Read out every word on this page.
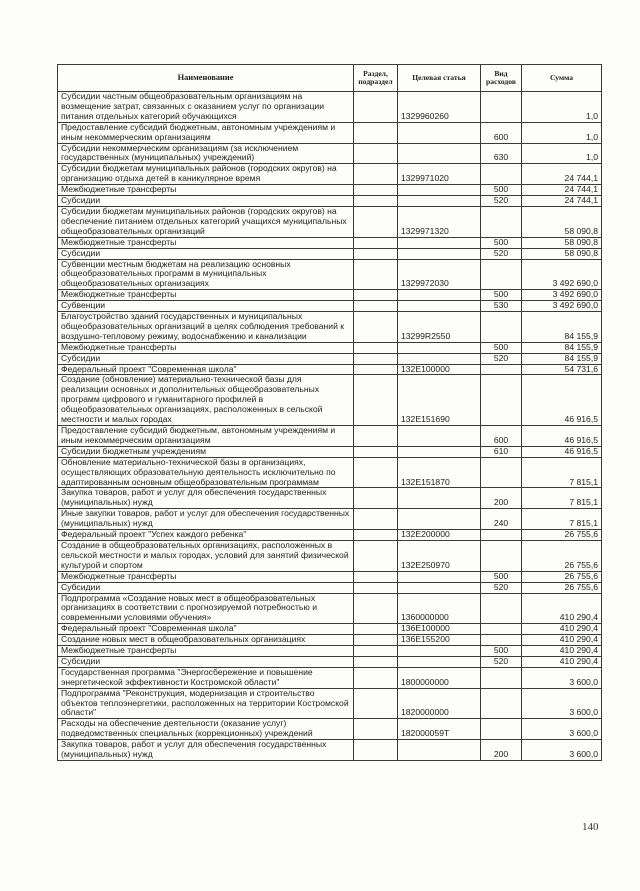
Наименование	Раздел, подраздел	Целевая статья	Вид расходов	Сумма
Субсидии частным общеобразовательным организациям на возмещение затрат, связанных с оказанием услуг по организации питания отдельных категорий обучающихся		1329960260		1,0
Предоставление субсидий бюджетным, автономным учреждениям и иным некоммерческим организациям			600	1,0
Субсидии некоммерческим организациям (за исключением государственных (муниципальных) учреждений)			630	1,0
Субсидии бюджетам муниципальных районов (городских округов) на организацию отдыха детей в каникулярное время		1329971020		24 744,1
Межбюджетные трансферты			500	24 744,1
Субсидии			520	24 744,1
Субсидии бюджетам муниципальных районов (городских округов) на обеспечение питанием отдельных категорий учащихся муниципальных общеобразовательных организаций		1329971320		58 090,8
Межбюджетные трансферты			500	58 090,8
Субсидии			520	58 090,8
Субвенции местным бюджетам на реализацию основных общеобразовательных программ в муниципальных общеобразовательных организациях		1329972030		3 492 690,0
Межбюджетные трансферты			500	3 492 690,0
Субвенции			530	3 492 690,0
Благоустройство зданий государственных и муниципальных общеобразовательных организаций в целях соблюдения требований к воздушно-тепловому режиму, водоснабжению и канализации		13299R2550		84 155,9
Межбюджетные трансферты			500	84 155,9
Субсидии			520	84 155,9
Федеральный проект "Современная школа"		132E100000		54 731,6
Создание (обновление) материально-технической базы для реализации основных и дополнительных общеобразовательных программ цифрового и гуманитарного профилей в общеобразовательных организациях, расположенных в сельской местности и малых городах		132E151690		46 916,5
Предоставление субсидий бюджетным, автономным учреждениям и иным некоммерческим организациям			600	46 916,5
Субсидии бюджетным учреждениям			610	46 916,5
Обновление материально-технической базы в организациях, осуществляющих образовательную деятельность исключительно по адаптированным основным общеобразовательным программам		132E151870		7 815,1
Закупка товаров, работ и услуг для обеспечения государственных (муниципальных) нужд			200	7 815,1
Иные закупки товаров, работ и услуг для обеспечения государственных (муниципальных) нужд			240	7 815,1
Федеральный проект "Успех каждого ребенка"		132E200000		26 755,6
Создание в общеобразовательных организациях, расположенных в сельской местности и малых городах, условий для занятий физической культурой и спортом		132E250970		26 755,6
Межбюджетные трансферты			500	26 755,6
Субсидии			520	26 755,6
Подпрограмма «Создание новых мест в общеобразовательных организациях в соответствии с прогнозируемой потребностью и современными условиями обучения»		1360000000		410 290,4
Федеральный проект "Современная школа"		136E100000		410 290,4
Создание новых мест в общеобразовательных организациях		136E155200		410 290,4
Межбюджетные трансферты			500	410 290,4
Субсидии			520	410 290,4
Государственная программа "Энергосбережение и повышение энергетической эффективности Костромской области"		1800000000		3 600,0
Подпрограмма "Реконструкция, модернизация и строительство объектов теплоэнергетики, расположенных на территории Костромской области"		1820000000		3 600,0
Расходы на обеспечение деятельности (оказание услуг) подведомственных специальных (коррекционных) учреждений		182000059Т		3 600,0
Закупка товаров, работ и услуг для обеспечения государственных (муниципальных) нужд			200	3 600,0
140
